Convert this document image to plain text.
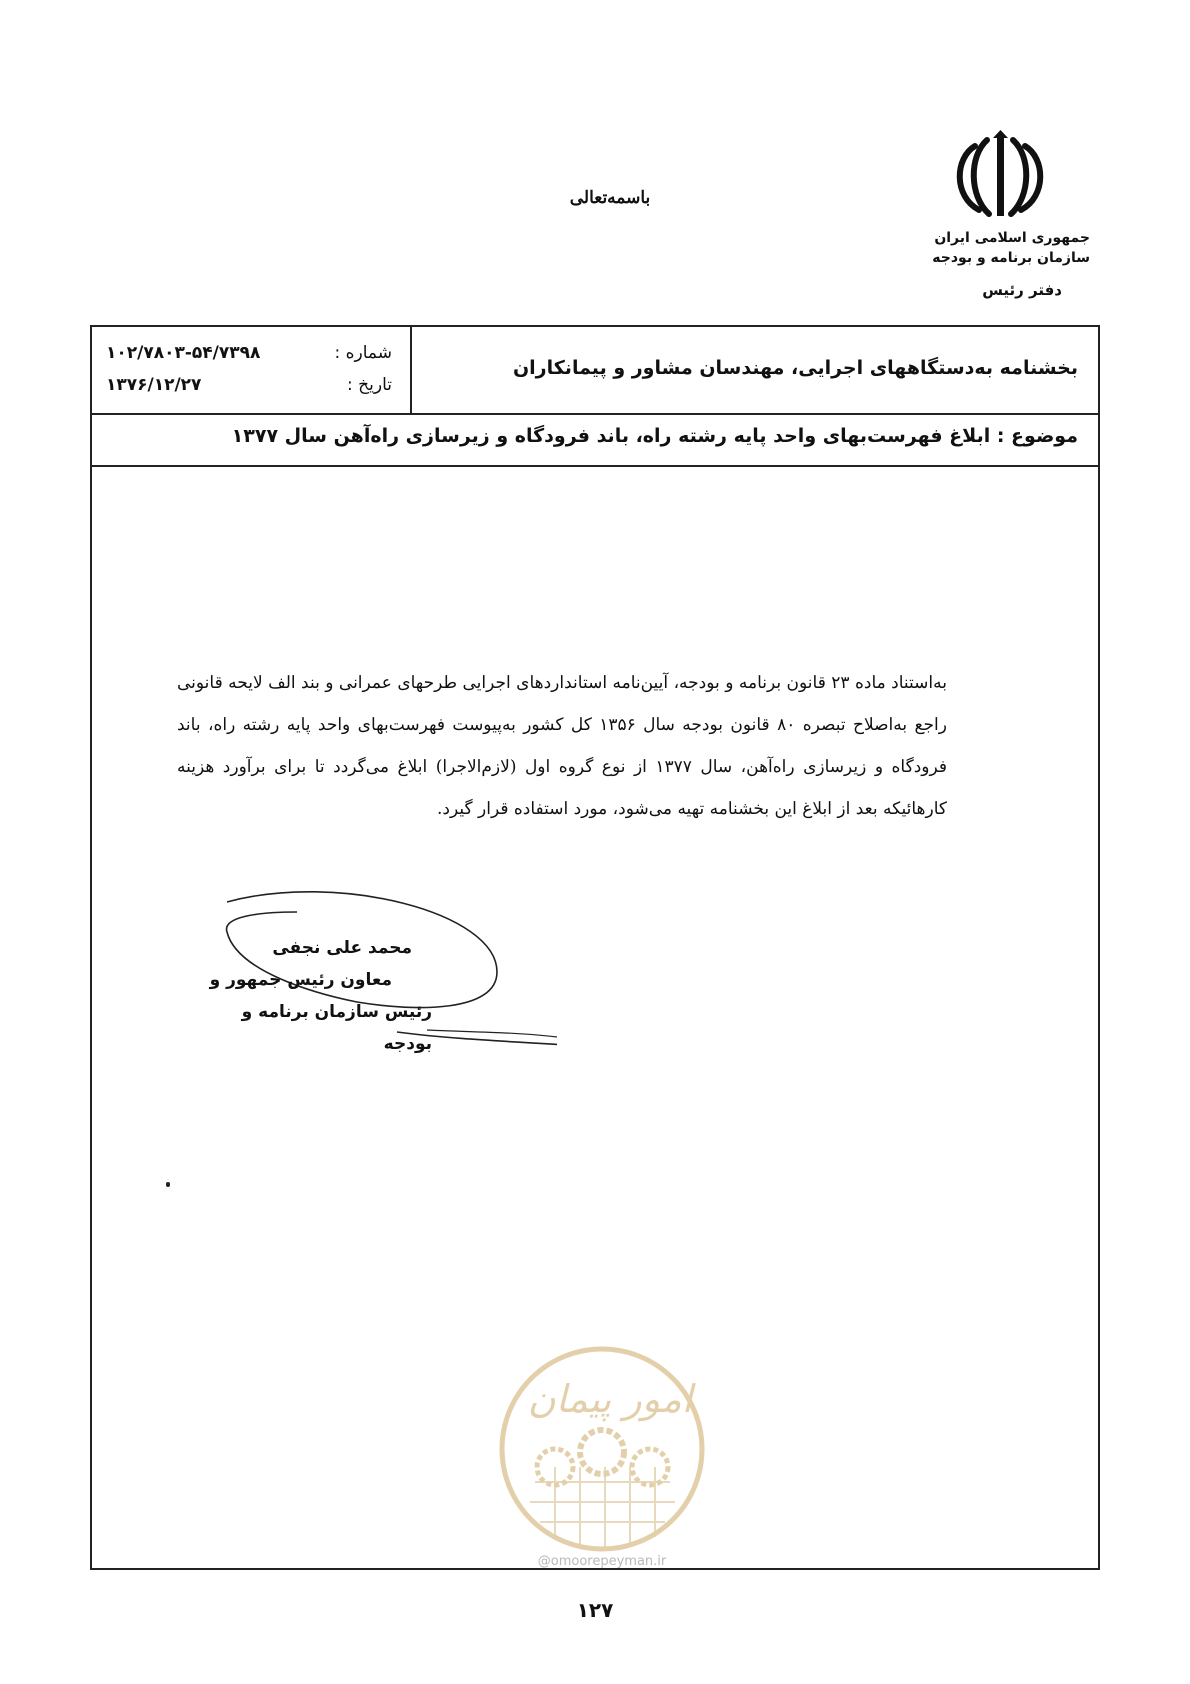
جمهوری اسلامی ایران
سازمان برنامه و بودجه
دفتر رئیس
باسمه‌تعالی
شماره :
۱۰۲/۷۸۰۳-۵۴/۷۳۹۸
تاریخ :
۱۳۷۶/۱۲/۲۷
بخشنامه به‌دستگاههای اجرایی، مهندسان مشاور و پیمانکاران
موضوع : ابلاغ فهرست‌بهای واحد پایه رشته راه، باند فرودگاه و زیرسازی راه‌آهن سال ۱۳۷۷
به‌استناد ماده ۲۳ قانون برنامه و بودجه، آیین‌نامه استانداردهای اجرایی طرحهای عمرانی و بند الف لایحه قانونی راجع به‌اصلاح تبصره ۸۰ قانون بودجه سال ۱۳۵۶ کل کشور به‌پیوست فهرست‌بهای واحد پایه رشته راه، باند فرودگاه و زیرسازی راه‌آهن، سال ۱۳۷۷ از نوع گروه اول (لازم‌الاجرا) ابلاغ می‌گردد تا برای برآورد هزینه کارهائیکه بعد از ابلاغ این بخشنامه تهیه می‌شود، مورد استفاده قرار گیرد.
محمد علی نجفی
معاون رئیس جمهور و
رئیس سازمان برنامه و بودجه
امور پیمان
@omoorepeyman.ir
۱۲۷
